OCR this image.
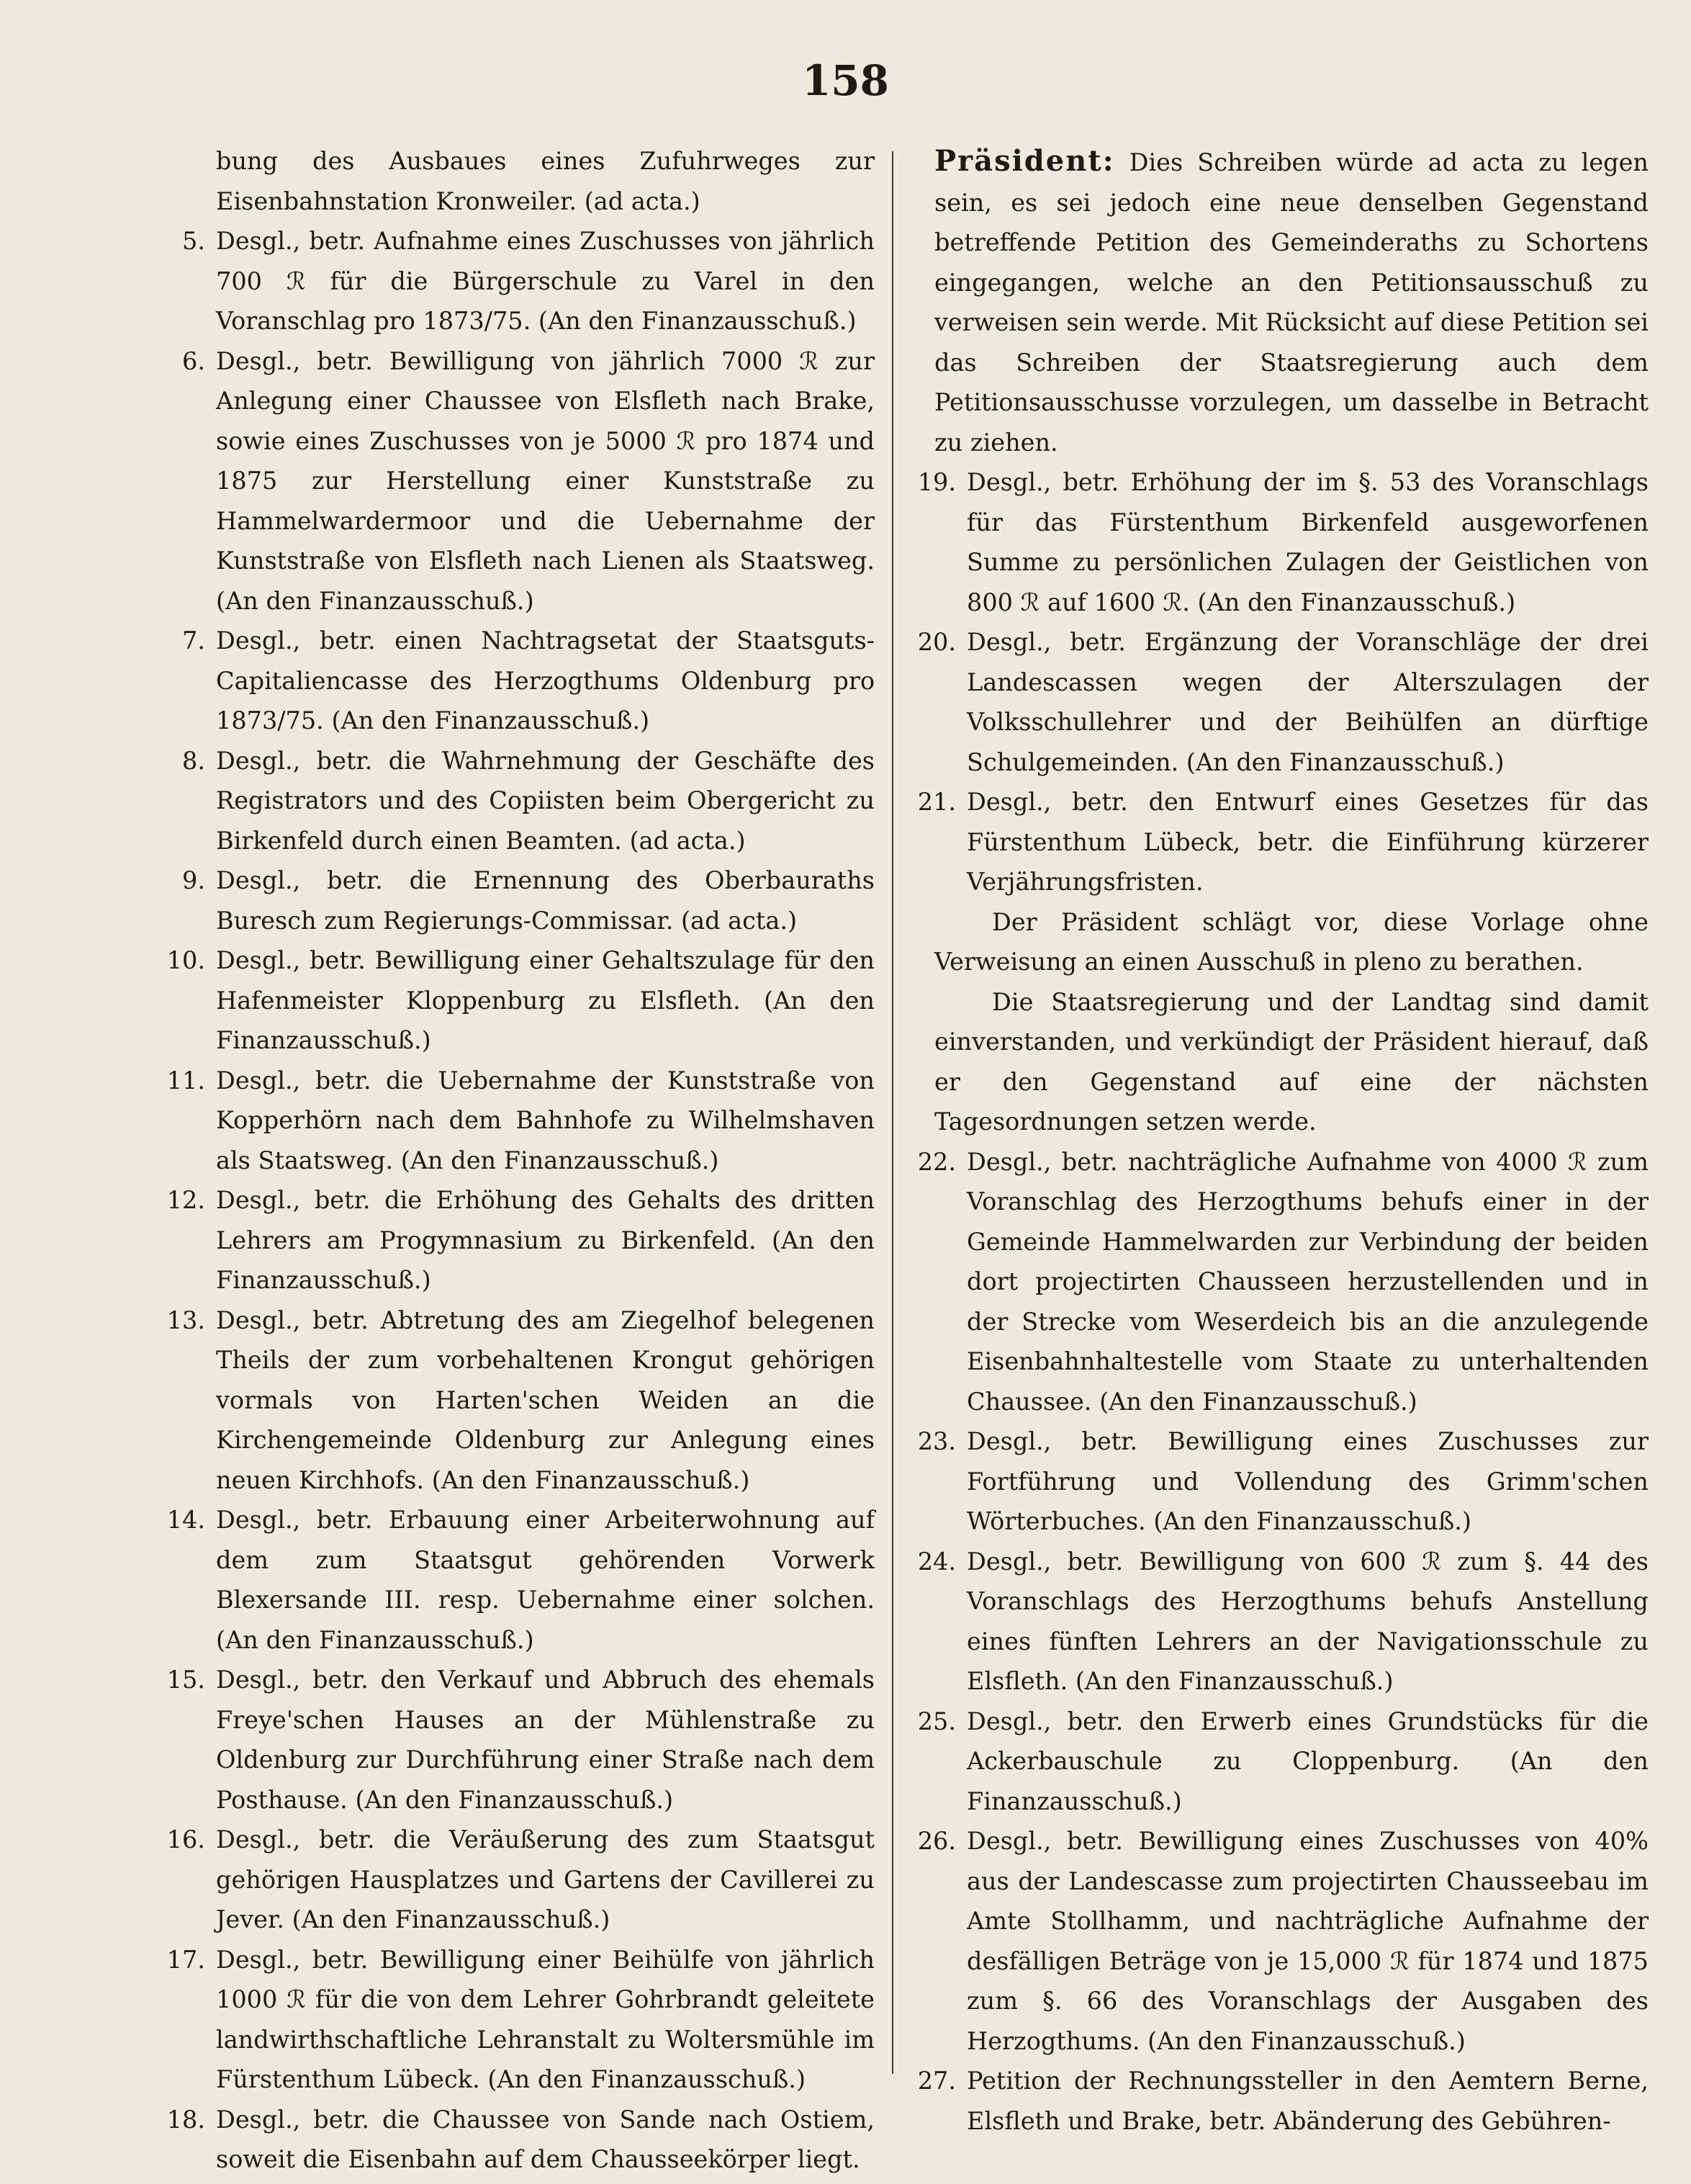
158

bung des Ausbaues eines Zufuhrweges zur Eisenbahnstation Kronweiler. (ad acta.)

5. Desgl., betr. Aufnahme eines Zuschusses von jährlich 700 ℛ für die Bürgerschule zu Varel in den Voranschlag pro 1873/75. (An den Finanzausschuß.)
6. Desgl., betr. Bewilligung von jährlich 7000 ℛ zur Anlegung einer Chaussee von Elsfleth nach Brake, sowie eines Zuschusses von je 5000 ℛ pro 1874 und 1875 zur Herstellung einer Kunststraße zu Hammelwardermoor und die Uebernahme der Kunststraße von Elsfleth nach Lienen als Staatsweg. (An den Finanzausschuß.)
7. Desgl., betr. einen Nachtragsetat der Staatsguts-Capitaliencasse des Herzogthums Oldenburg pro 1873/75. (An den Finanzausschuß.)
8. Desgl., betr. die Wahrnehmung der Geschäfte des Registrators und des Copiisten beim Obergericht zu Birkenfeld durch einen Beamten. (ad acta.)
9. Desgl., betr. die Ernennung des Oberbauraths Buresch zum Regierungs-Commissar. (ad acta.)
10. Desgl., betr. Bewilligung einer Gehaltszulage für den Hafenmeister Kloppenburg zu Elsfleth. (An den Finanzausschuß.)
11. Desgl., betr. die Uebernahme der Kunststraße von Kopperhörn nach dem Bahnhofe zu Wilhelmshaven als Staatsweg. (An den Finanzausschuß.)
12. Desgl., betr. die Erhöhung des Gehalts des dritten Lehrers am Progymnasium zu Birkenfeld. (An den Finanzausschuß.)
13. Desgl., betr. Abtretung des am Ziegelhof belegenen Theils der zum vorbehaltenen Krongut gehörigen vormals von Harten'schen Weiden an die Kirchengemeinde Oldenburg zur Anlegung eines neuen Kirchhofs. (An den Finanzausschuß.)
14. Desgl., betr. Erbauung einer Arbeiterwohnung auf dem zum Staatsgut gehörenden Vorwerk Blexersande III. resp. Uebernahme einer solchen. (An den Finanzausschuß.)
15. Desgl., betr. den Verkauf und Abbruch des ehemals Freye'schen Hauses an der Mühlenstraße zu Oldenburg zur Durchführung einer Straße nach dem Posthause. (An den Finanzausschuß.)
16. Desgl., betr. die Veräußerung des zum Staatsgut gehörigen Hausplatzes und Gartens der Cavillerei zu Jever. (An den Finanzausschuß.)
17. Desgl., betr. Bewilligung einer Beihülfe von jährlich 1000 ℛ für die von dem Lehrer Gohrbrandt geleitete landwirthschaftliche Lehranstalt zu Woltersmühle im Fürstenthum Lübeck. (An den Finanzausschuß.)
18. Desgl., betr. die Chaussee von Sande nach Ostiem, soweit die Eisenbahn auf dem Chausseekörper liegt.

Präsident: Dies Schreiben würde ad acta zu legen sein, es sei jedoch eine neue denselben Gegenstand betreffende Petition des Gemeinderaths zu Schortens eingegangen, welche an den Petitionsausschuß zu verweisen sein werde. Mit Rücksicht auf diese Petition sei das Schreiben der Staatsregierung auch dem Petitionsausschusse vorzulegen, um dasselbe in Betracht zu ziehen.

19. Desgl., betr. Erhöhung der im §. 53 des Voranschlags für das Fürstenthum Birkenfeld ausgeworfenen Summe zu persönlichen Zulagen der Geistlichen von 800 ℛ auf 1600 ℛ. (An den Finanzausschuß.)
20. Desgl., betr. Ergänzung der Voranschläge der drei Landescassen wegen der Alterszulagen der Volksschullehrer und der Beihülfen an dürftige Schulgemeinden. (An den Finanzausschuß.)
21. Desgl., betr. den Entwurf eines Gesetzes für das Fürstenthum Lübeck, betr. die Einführung kürzerer Verjährungsfristen.

Der Präsident schlägt vor, diese Vorlage ohne Verweisung an einen Ausschuß in pleno zu berathen.

Die Staatsregierung und der Landtag sind damit einverstanden, und verkündigt der Präsident hierauf, daß er den Gegenstand auf eine der nächsten Tagesordnungen setzen werde.

22. Desgl., betr. nachträgliche Aufnahme von 4000 ℛ zum Voranschlag des Herzogthums behufs einer in der Gemeinde Hammelwarden zur Verbindung der beiden dort projectirten Chausseen herzustellenden und in der Strecke vom Weserdeich bis an die anzulegende Eisenbahnhaltestelle vom Staate zu unterhaltenden Chaussee. (An den Finanzausschuß.)
23. Desgl., betr. Bewilligung eines Zuschusses zur Fortführung und Vollendung des Grimm'schen Wörterbuches. (An den Finanzausschuß.)
24. Desgl., betr. Bewilligung von 600 ℛ zum §. 44 des Voranschlags des Herzogthums behufs Anstellung eines fünften Lehrers an der Navigationsschule zu Elsfleth. (An den Finanzausschuß.)
25. Desgl., betr. den Erwerb eines Grundstücks für die Ackerbauschule zu Cloppenburg. (An den Finanzausschuß.)
26. Desgl., betr. Bewilligung eines Zuschusses von 40% aus der Landescasse zum projectirten Chausseebau im Amte Stollhamm, und nachträgliche Aufnahme der desfälligen Beträge von je 15,000 ℛ für 1874 und 1875 zum §. 66 des Voranschlags der Ausgaben des Herzogthums. (An den Finanzausschuß.)
27. Petition der Rechnungssteller in den Aemtern Berne, Elsfleth und Brake, betr. Abänderung des Gebühren-
